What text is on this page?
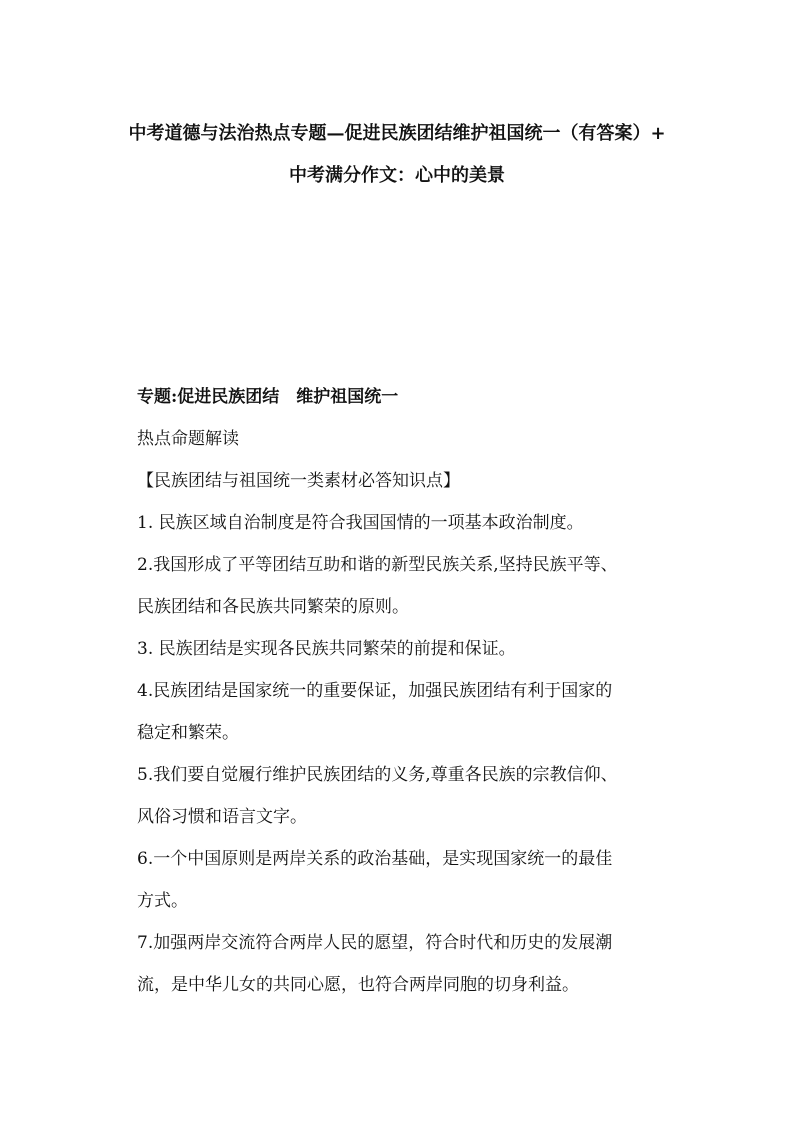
中考道德与法治热点专题—促进民族团结维护祖国统一（有答案）+
中考满分作文：心中的美景
专题:促进民族团结　维护祖国统一
热点命题解读
【民族团结与祖国统一类素材必答知识点】
1. 民族区域自治制度是符合我国国情的一项基本政治制度。
2.我国形成了平等团结互助和谐的新型民族关系,坚持民族平等、
民族团结和各民族共同繁荣的原则。
3. 民族团结是实现各民族共同繁荣的前提和保证。
4.民族团结是国家统一的重要保证，加强民族团结有利于国家的
稳定和繁荣。
5.我们要自觉履行维护民族团结的义务,尊重各民族的宗教信仰、
风俗习惯和语言文字。
6.一个中国原则是两岸关系的政治基础，是实现国家统一的最佳
方式。
7.加强两岸交流符合两岸人民的愿望，符合时代和历史的发展潮
流，是中华儿女的共同心愿，也符合两岸同胞的切身利益。
